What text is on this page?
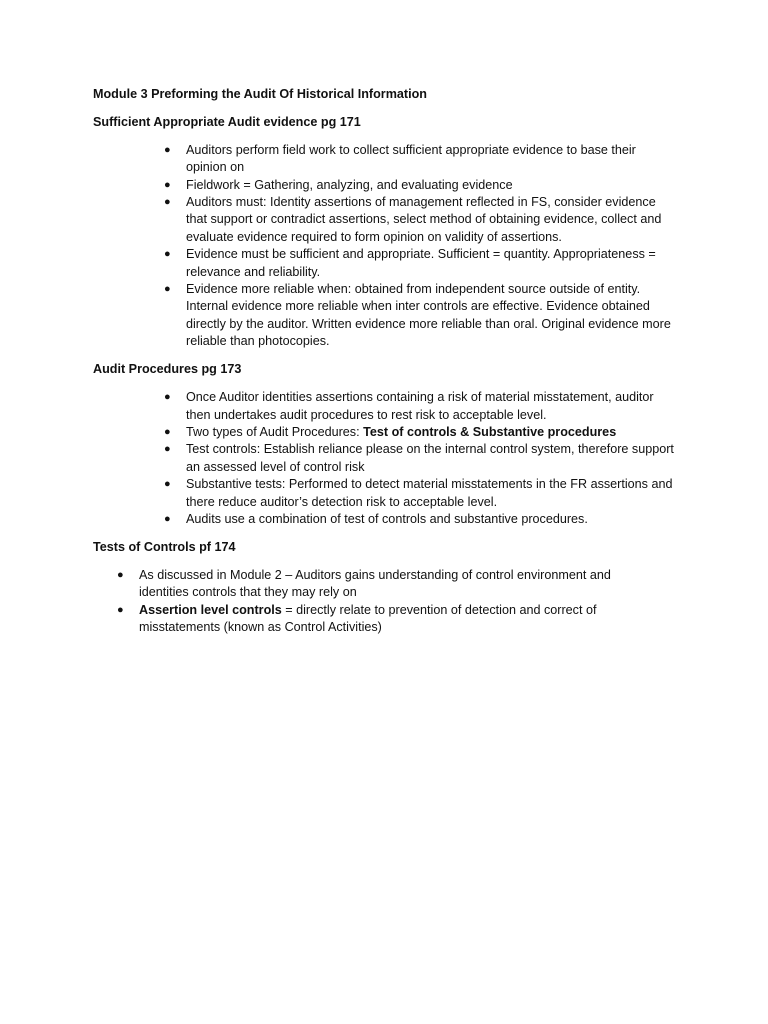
Module 3 Preforming the Audit Of Historical Information

Sufficient Appropriate Audit evidence pg 171

● Auditors perform field work to collect sufficient appropriate evidence to base their opinion on
● Fieldwork = Gathering, analyzing, and evaluating evidence
● Auditors must: Identity assertions of management reflected in FS, consider evidence that support or contradict assertions, select method of obtaining evidence, collect and evaluate evidence required to form opinion on validity of assertions.
● Evidence must be sufficient and appropriate. Sufficient = quantity. Appropriateness = relevance and reliability.
● Evidence more reliable when: obtained from independent source outside of entity. Internal evidence more reliable when inter controls are effective. Evidence obtained directly by the auditor. Written evidence more reliable than oral. Original evidence more reliable than photocopies.

Audit Procedures pg 173

● Once Auditor identities assertions containing a risk of material misstatement, auditor then undertakes audit procedures to rest risk to acceptable level.
● Two types of Audit Procedures: Test of controls & Substantive procedures
● Test controls: Establish reliance please on the internal control system, therefore support an assessed level of control risk
● Substantive tests: Performed to detect material misstatements in the FR assertions and there reduce auditor’s detection risk to acceptable level.
● Audits use a combination of test of controls and substantive procedures.

Tests of Controls pf 174

● As discussed in Module 2 – Auditors gains understanding of control environment and identities controls that they may rely on
● Assertion level controls = directly relate to prevention of detection and correct of misstatements (known as Control Activities)
